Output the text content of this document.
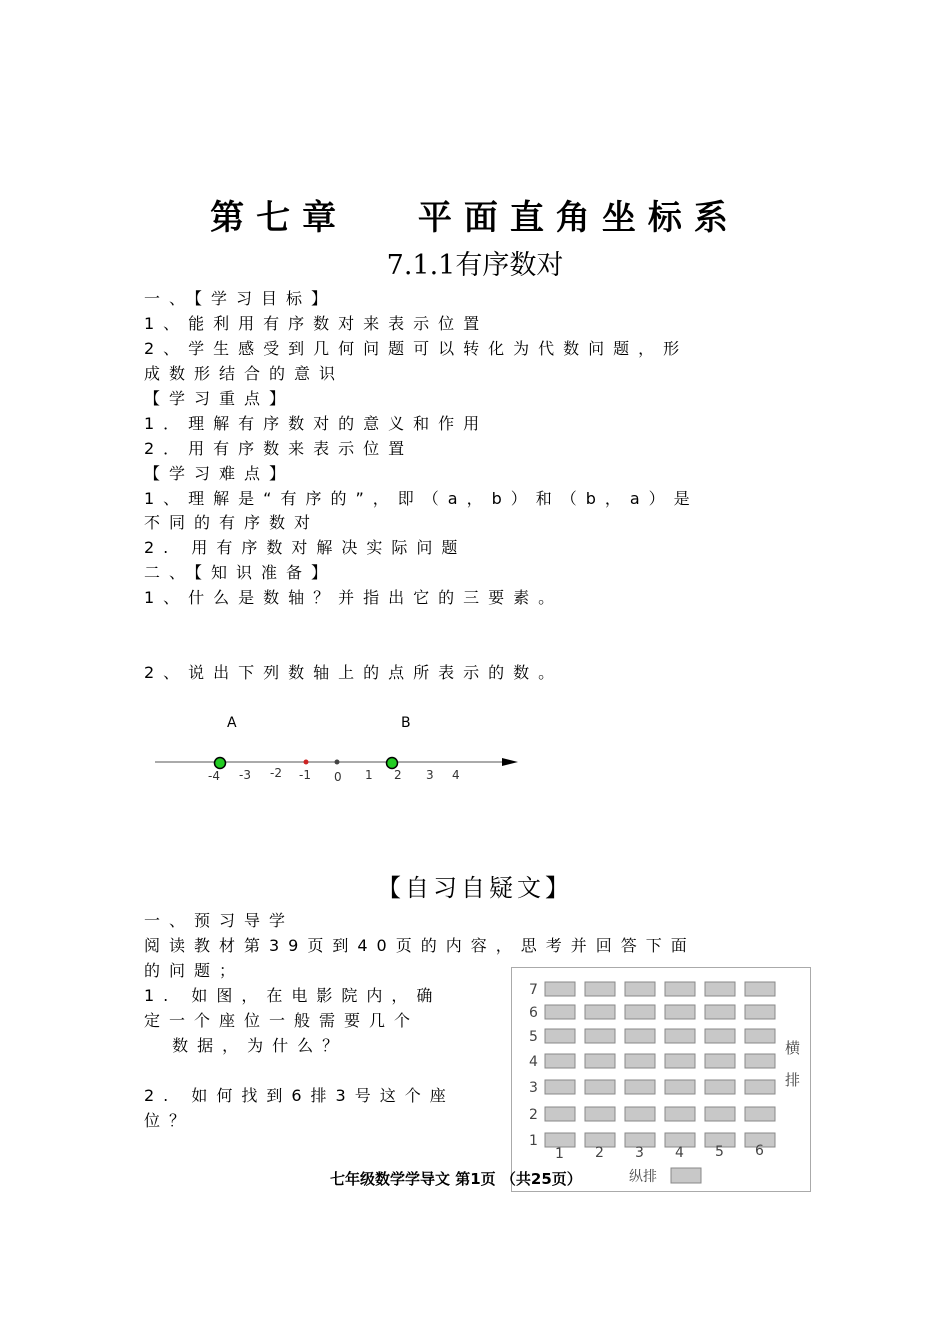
第七章　 平面直角坐标系
7.1.1有序数对
一、【学习目标】
1、能利用有序数对来表示位置
2、学生感受到几何问题可以转化为代数问题，形
成数形结合的意识
【学习重点】
1．理解有序数对的意义和作用
2．用有序数来表示位置
【学习难点】
1、理解是“有序的”，即（a，b）和（b，a）是
不同的有序数对
2. 用有序数对解决实际问题
二、【知识准备】
1、什么是数轴？并指出它的三要素。
2、说出下列数轴上的点所表示的数。
A	B
-4 -3 -2 -1 0 1 2 3 4
【自习自疑文】
一、预习导学
阅读教材第39页到40页的内容，思考并回答下面
的问题；
1. 如图，在电影院内，确
定一个座位一般需要几个
数据，为什么？
2. 如何找到6排3号这个座
位？
1
2
3
4
5
6
7
1 2 3 4 5 6
横
排
纵排
七年级数学学导文 第1页 （共25页）
